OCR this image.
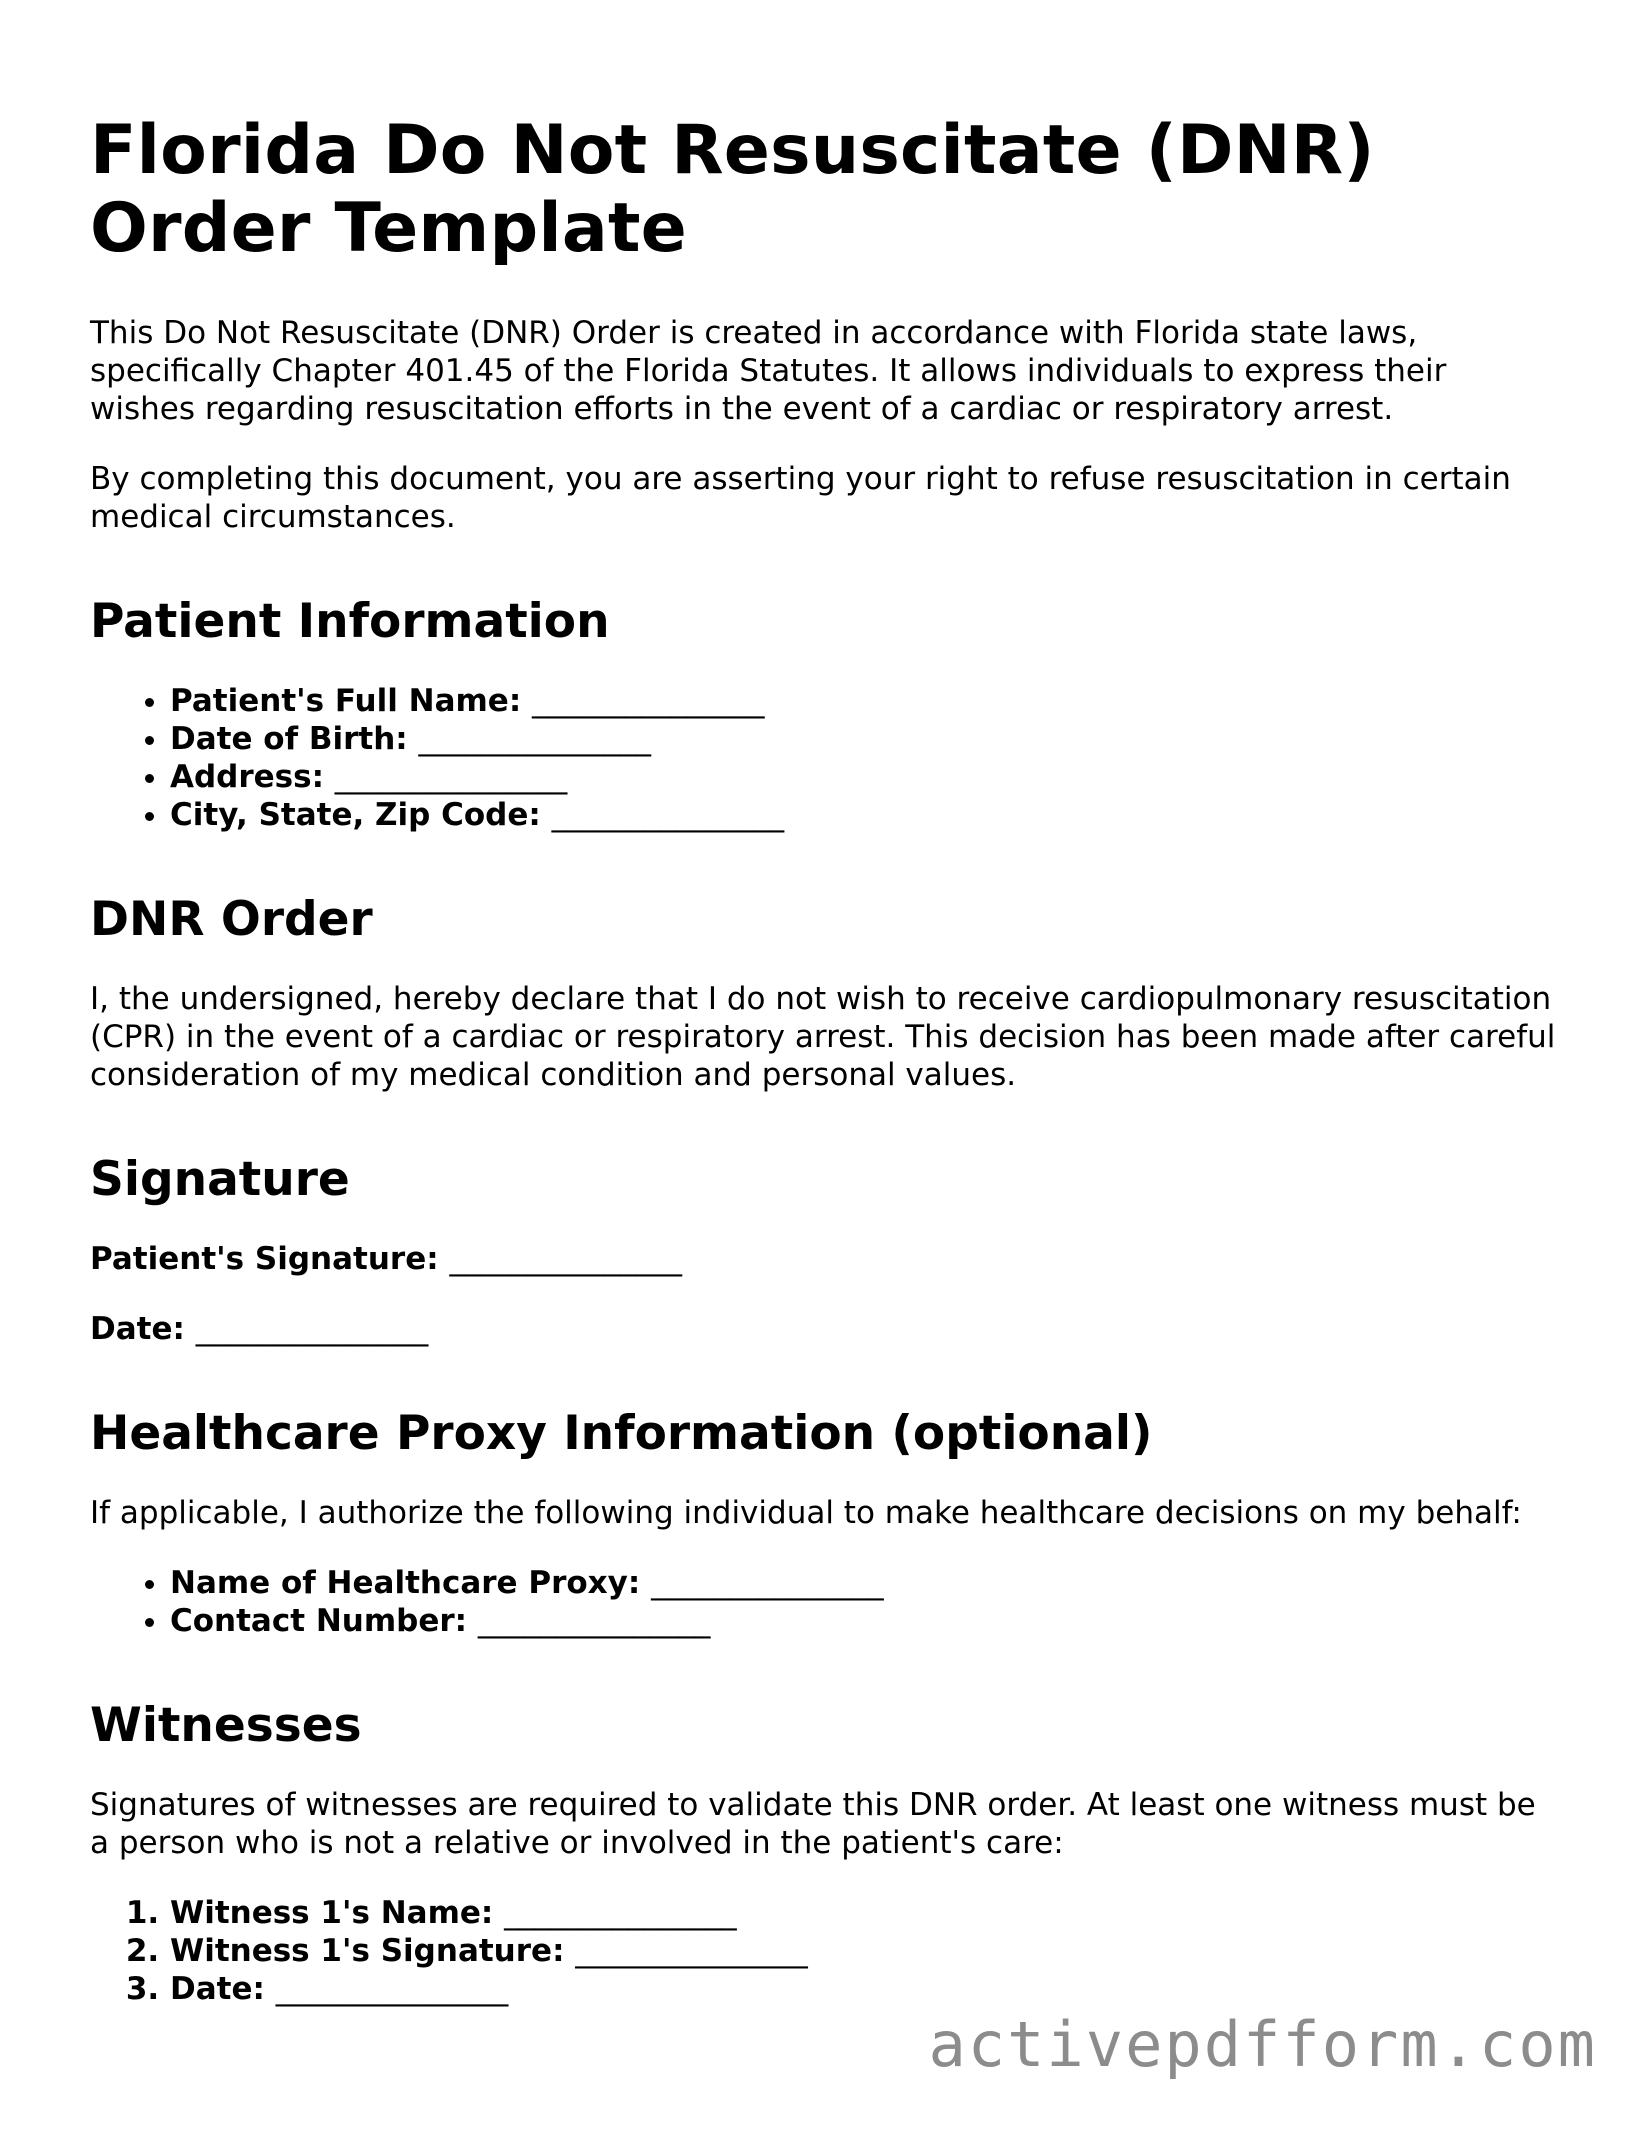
Florida Do Not Resuscitate (DNR) Order Template

This Do Not Resuscitate (DNR) Order is created in accordance with Florida state laws, specifically Chapter 401.45 of the Florida Statutes. It allows individuals to express their wishes regarding resuscitation efforts in the event of a cardiac or respiratory arrest.

By completing this document, you are asserting your right to refuse resuscitation in certain medical circumstances.

Patient Information
• Patient's Full Name: _______________
• Date of Birth: _______________
• Address: _______________
• City, State, Zip Code: _______________
DNR Order

I, the undersigned, hereby declare that I do not wish to receive cardiopulmonary resuscitation (CPR) in the event of a cardiac or respiratory arrest. This decision has been made after careful consideration of my medical condition and personal values.

Signature

Patient's Signature: _______________

Date: _______________

Healthcare Proxy Information (optional)

If applicable, I authorize the following individual to make healthcare decisions on my behalf:

• Name of Healthcare Proxy: _______________
• Contact Number: _______________
Witnesses

Signatures of witnesses are required to validate this DNR order. At least one witness must be a person who is not a relative or involved in the patient's care:

1. Witness 1's Name: _______________
2. Witness 1's Signature: _______________
3. Date: _______________
activepdfform.com
